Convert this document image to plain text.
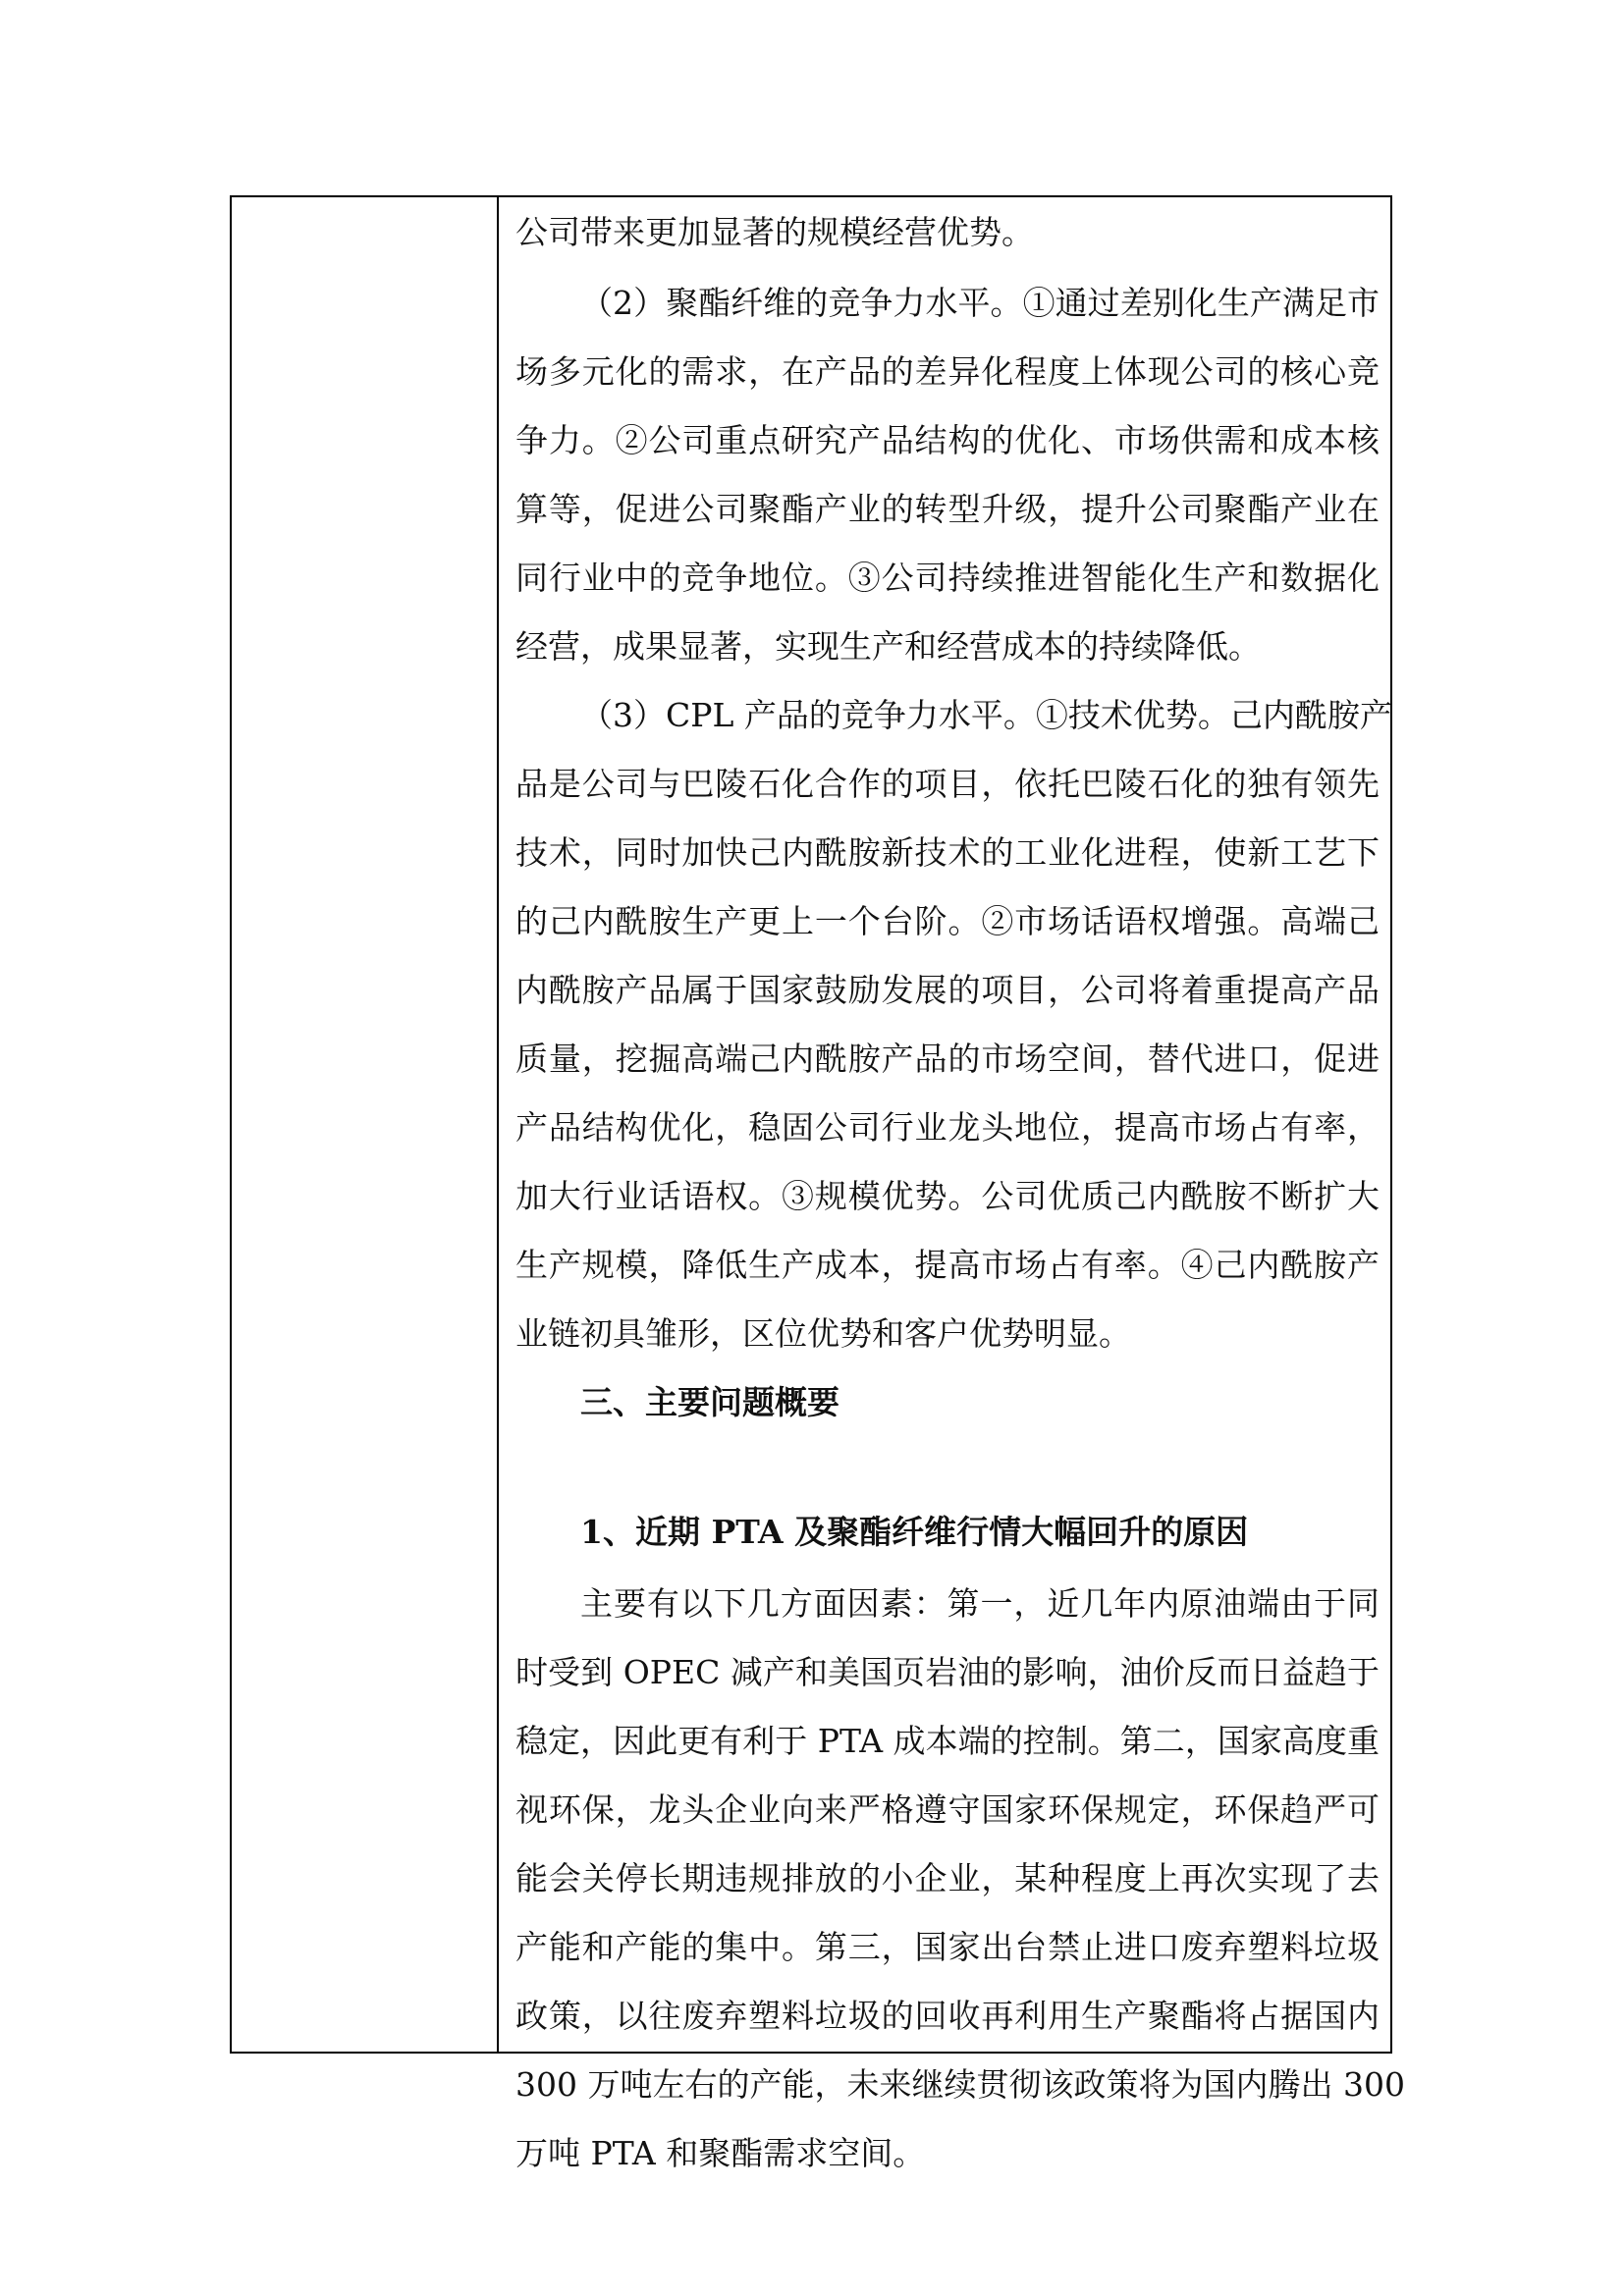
公司带来更加显著的规模经营优势。
（2）聚酯纤维的竞争力水平。①通过差别化生产满足市
场多元化的需求，在产品的差异化程度上体现公司的核心竞
争力。②公司重点研究产品结构的优化、市场供需和成本核
算等，促进公司聚酯产业的转型升级，提升公司聚酯产业在
同行业中的竞争地位。③公司持续推进智能化生产和数据化
经营，成果显著，实现生产和经营成本的持续降低。
（3）CPL 产品的竞争力水平。①技术优势。己内酰胺产
品是公司与巴陵石化合作的项目，依托巴陵石化的独有领先
技术，同时加快己内酰胺新技术的工业化进程，使新工艺下
的己内酰胺生产更上一个台阶。②市场话语权增强。高端己
内酰胺产品属于国家鼓励发展的项目，公司将着重提高产品
质量，挖掘高端己内酰胺产品的市场空间，替代进口，促进
产品结构优化，稳固公司行业龙头地位，提高市场占有率，
加大行业话语权。③规模优势。公司优质己内酰胺不断扩大
生产规模，降低生产成本，提高市场占有率。④己内酰胺产
业链初具雏形，区位优势和客户优势明显。
三、主要问题概要
1、近期 PTA 及聚酯纤维行情大幅回升的原因
主要有以下几方面因素：第一，近几年内原油端由于同
时受到 OPEC 减产和美国页岩油的影响，油价反而日益趋于
稳定，因此更有利于 PTA 成本端的控制。第二，国家高度重
视环保，龙头企业向来严格遵守国家环保规定，环保趋严可
能会关停长期违规排放的小企业，某种程度上再次实现了去
产能和产能的集中。第三，国家出台禁止进口废弃塑料垃圾
政策，以往废弃塑料垃圾的回收再利用生产聚酯将占据国内
300 万吨左右的产能，未来继续贯彻该政策将为国内腾出 300
万吨 PTA 和聚酯需求空间。
